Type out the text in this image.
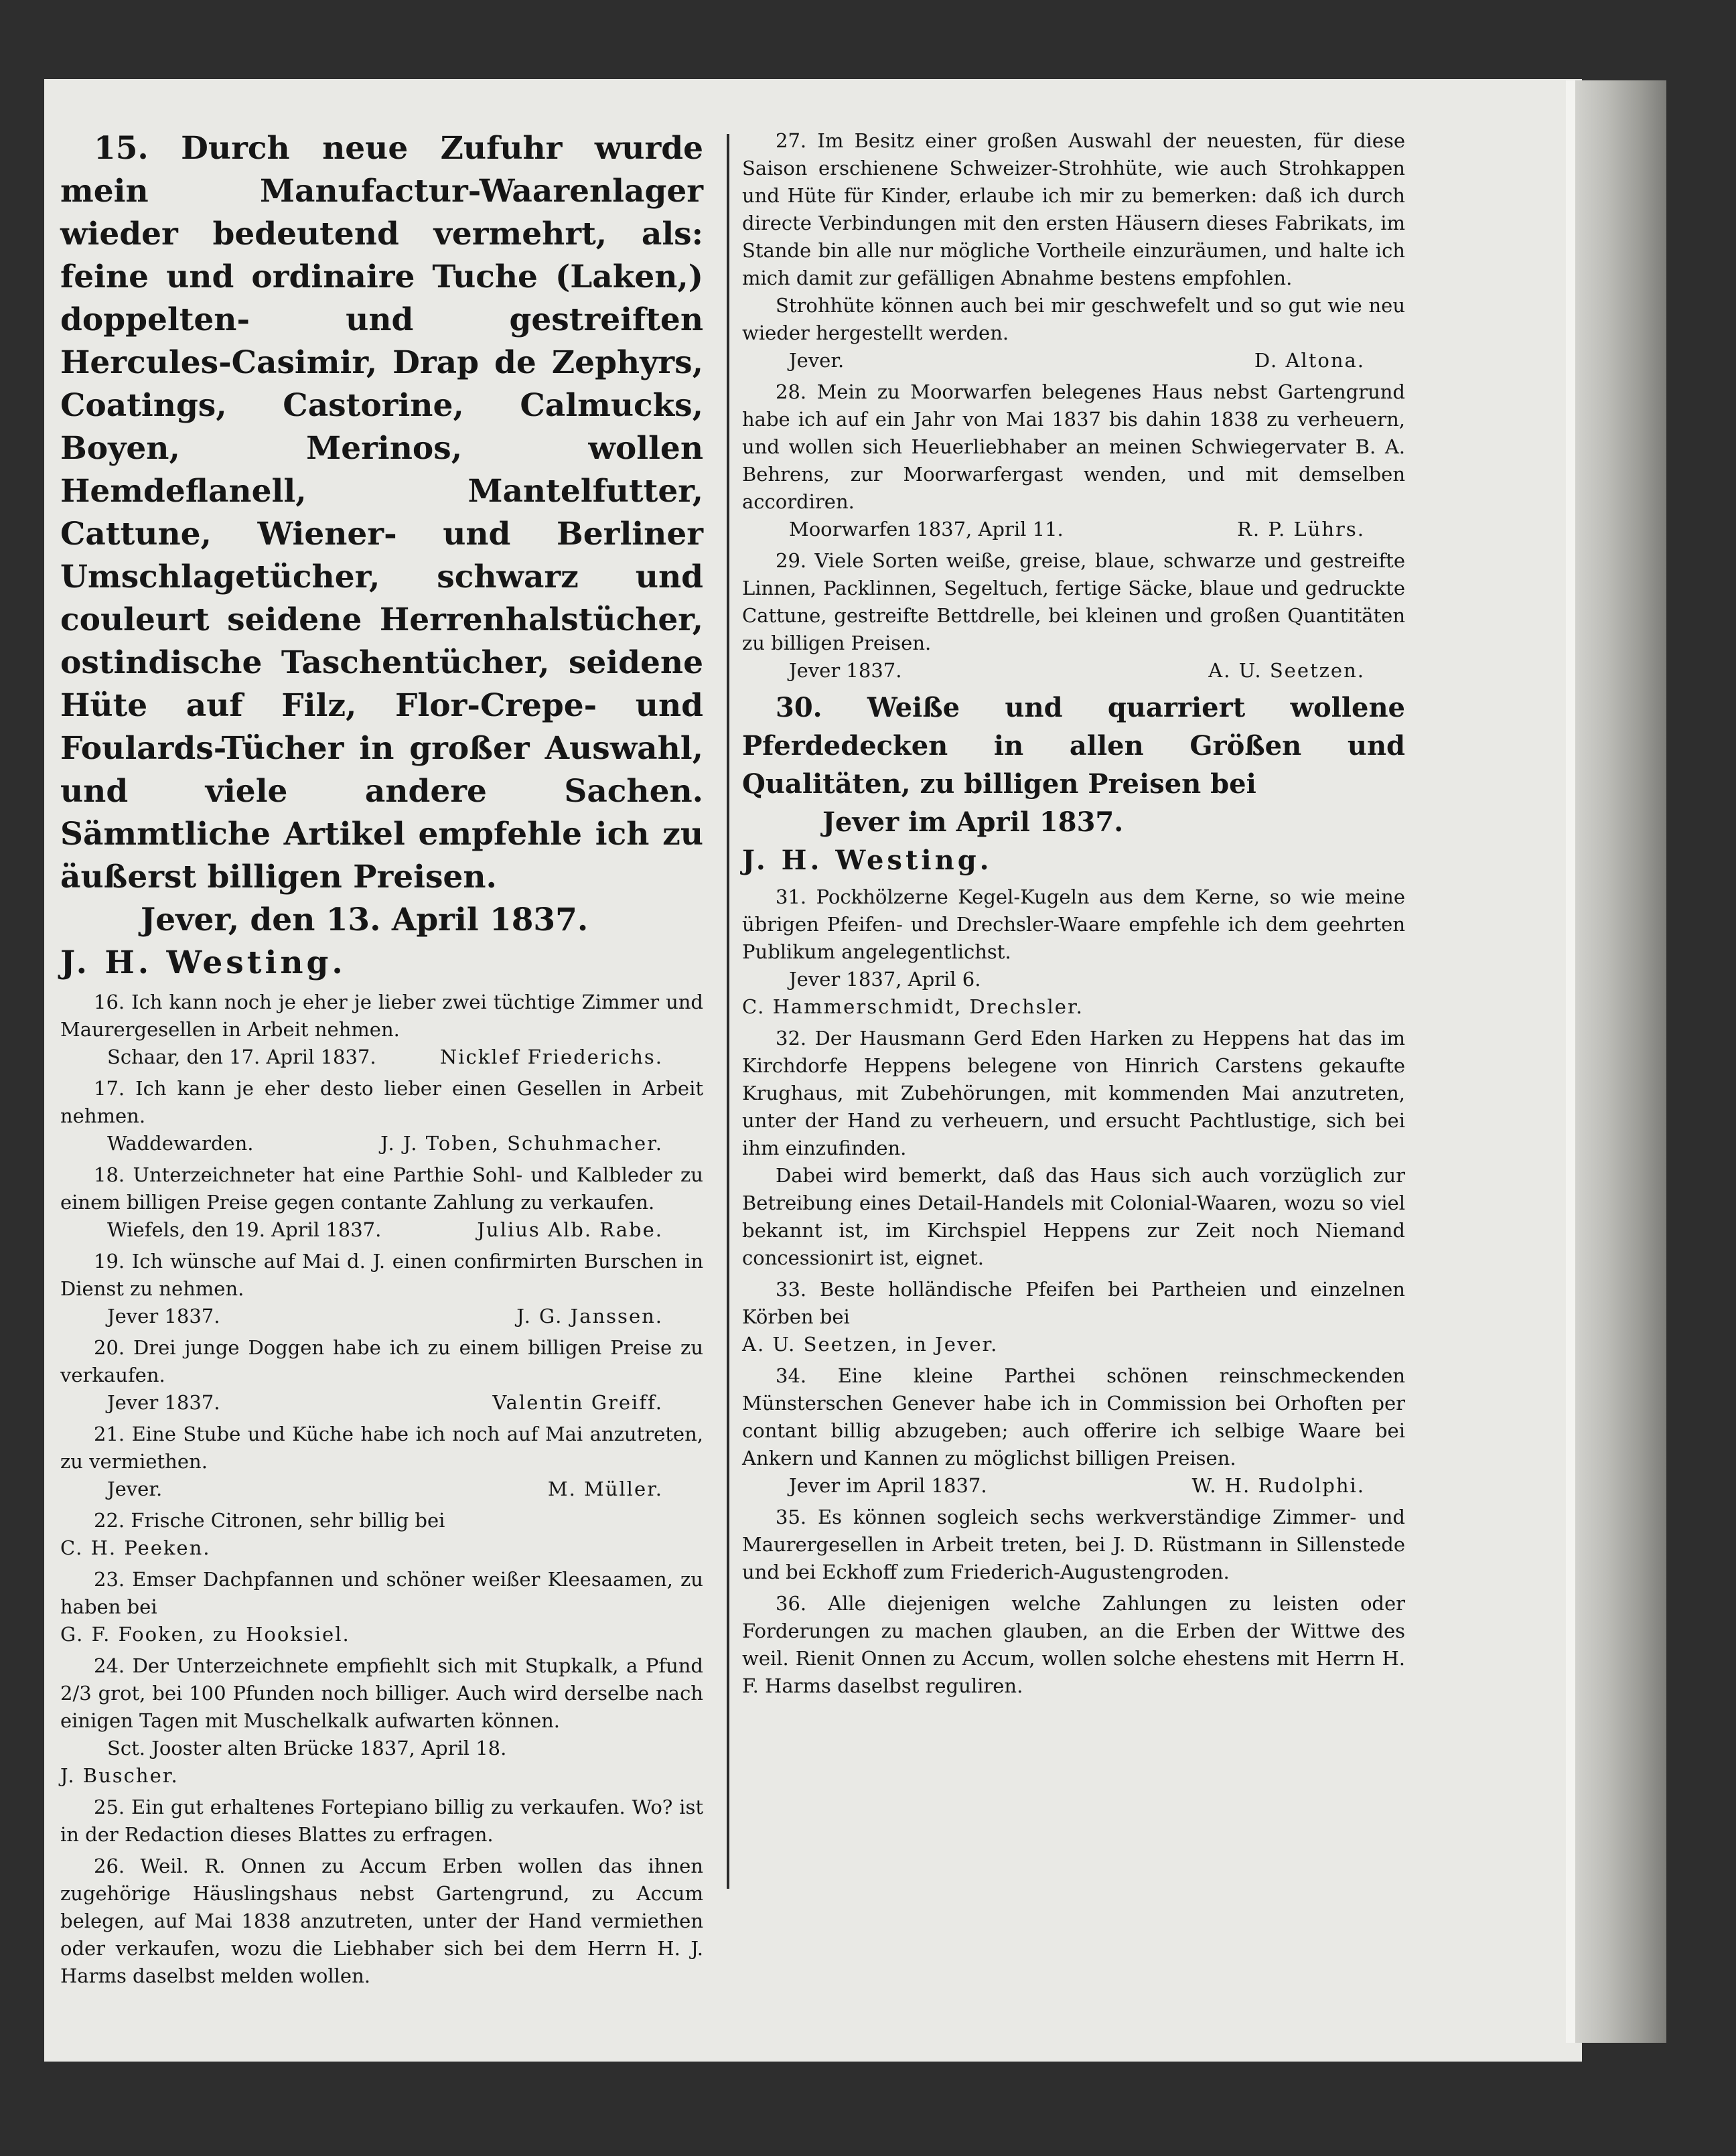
15. Durch neue Zufuhr wurde mein Manufactur-Waarenlager wieder bedeutend vermehrt, als: feine und ordinaire Tuche (Laken,) doppelten- und gestreiften Hercules-Casimir, Drap de Zephyrs, Coatings, Castorine, Calmucks, Boyen, Merinos, wollen Hemdeflanell, Mantelfutter, Cattune, Wiener- und Berliner Umschlagetücher, schwarz und couleurt seidene Herrenhalstücher, ostindische Taschentücher, seidene Hüte auf Filz, Flor-Crepe- und Foulards-Tücher in großer Auswahl, und viele andere Sachen. Sämmtliche Artikel empfehle ich zu äußerst billigen Preisen.

Jever, den 13. April 1837.

J. H. Westing.

16. Ich kann noch je eher je lieber zwei tüchtige Zimmer und Maurergesellen in Arbeit nehmen.

Schaar, den 17. April 1837.	Nicklef Friederichs.

17. Ich kann je eher desto lieber einen Gesellen in Arbeit nehmen.

Waddewarden.	J. J. Toben, Schuhmacher.

18. Unterzeichneter hat eine Parthie Sohl- und Kalbleder zu einem billigen Preise gegen contante Zahlung zu verkaufen.

Wiefels, den 19. April 1837.	Julius Alb. Rabe.

19. Ich wünsche auf Mai d. J. einen confirmirten Burschen in Dienst zu nehmen.

Jever 1837.	J. G. Janssen.

20. Drei junge Doggen habe ich zu einem billigen Preise zu verkaufen.

Jever 1837.	Valentin Greiff.

21. Eine Stube und Küche habe ich noch auf Mai anzutreten, zu vermiethen.

Jever.	M. Müller.

22. Frische Citronen, sehr billig bei

C. H. Peeken.

23. Emser Dachpfannen und schöner weißer Kleesaamen, zu haben bei

G. F. Fooken, zu Hooksiel.

24. Der Unterzeichnete empfiehlt sich mit Stupkalk, a Pfund 2/3 grot, bei 100 Pfunden noch billiger. Auch wird derselbe nach einigen Tagen mit Muschelkalk aufwarten können.

Sct. Jooster alten Brücke 1837, April 18.

J. Buscher.

25. Ein gut erhaltenes Fortepiano billig zu verkaufen. Wo? ist in der Redaction dieses Blattes zu erfragen.

26. Weil. R. Onnen zu Accum Erben wollen das ihnen zugehörige Häuslingshaus nebst Gartengrund, zu Accum belegen, auf Mai 1838 anzutreten, unter der Hand vermiethen oder verkaufen, wozu die Liebhaber sich bei dem Herrn H. J. Harms daselbst melden wollen.

27. Im Besitz einer großen Auswahl der neuesten, für diese Saison erschienene Schweizer-Strohhüte, wie auch Strohkappen und Hüte für Kinder, erlaube ich mir zu bemerken: daß ich durch directe Verbindungen mit den ersten Häusern dieses Fabrikats, im Stande bin alle nur mögliche Vortheile einzuräumen, und halte ich mich damit zur gefälligen Abnahme bestens empfohlen.

Strohhüte können auch bei mir geschwefelt und so gut wie neu wieder hergestellt werden.

Jever.	D. Altona.

28. Mein zu Moorwarfen belegenes Haus nebst Gartengrund habe ich auf ein Jahr von Mai 1837 bis dahin 1838 zu verheuern, und wollen sich Heuerliebhaber an meinen Schwiegervater B. A. Behrens, zur Moorwarfergast wenden, und mit demselben accordiren.

Moorwarfen 1837, April 11.	R. P. Lührs.

29. Viele Sorten weiße, greise, blaue, schwarze und gestreifte Linnen, Packlinnen, Segeltuch, fertige Säcke, blaue und gedruckte Cattune, gestreifte Bettdrelle, bei kleinen und großen Quantitäten zu billigen Preisen.

Jever 1837.	A. U. Seetzen.

30. Weiße und quarriert wollene Pferdedecken in allen Größen und Qualitäten, zu billigen Preisen bei

Jever im April 1837.

J. H. Westing.

31. Pockhölzerne Kegel-Kugeln aus dem Kerne, so wie meine übrigen Pfeifen- und Drechsler-Waare empfehle ich dem geehrten Publikum angelegentlichst.

Jever 1837, April 6.

C. Hammerschmidt, Drechsler.

32. Der Hausmann Gerd Eden Harken zu Heppens hat das im Kirchdorfe Heppens belegene von Hinrich Carstens gekaufte Krughaus, mit Zubehörungen, mit kommenden Mai anzutreten, unter der Hand zu verheuern, und ersucht Pachtlustige, sich bei ihm einzufinden.

Dabei wird bemerkt, daß das Haus sich auch vorzüglich zur Betreibung eines Detail-Handels mit Colonial-Waaren, wozu so viel bekannt ist, im Kirchspiel Heppens zur Zeit noch Niemand concessionirt ist, eignet.

33. Beste holländische Pfeifen bei Partheien und einzelnen Körben bei

A. U. Seetzen, in Jever.

34. Eine kleine Parthei schönen reinschmeckenden Münsterschen Genever habe ich in Commission bei Orhoften per contant billig abzugeben; auch offerire ich selbige Waare bei Ankern und Kannen zu möglichst billigen Preisen.

Jever im April 1837.	W. H. Rudolphi.

35. Es können sogleich sechs werkverständige Zimmer- und Maurergesellen in Arbeit treten, bei J. D. Rüstmann in Sillenstede und bei Eckhoff zum Friederich-Augustengroden.

36. Alle diejenigen welche Zahlungen zu leisten oder Forderungen zu machen glauben, an die Erben der Wittwe des weil. Rienit Onnen zu Accum, wollen solche ehestens mit Herrn H. F. Harms daselbst reguliren.
